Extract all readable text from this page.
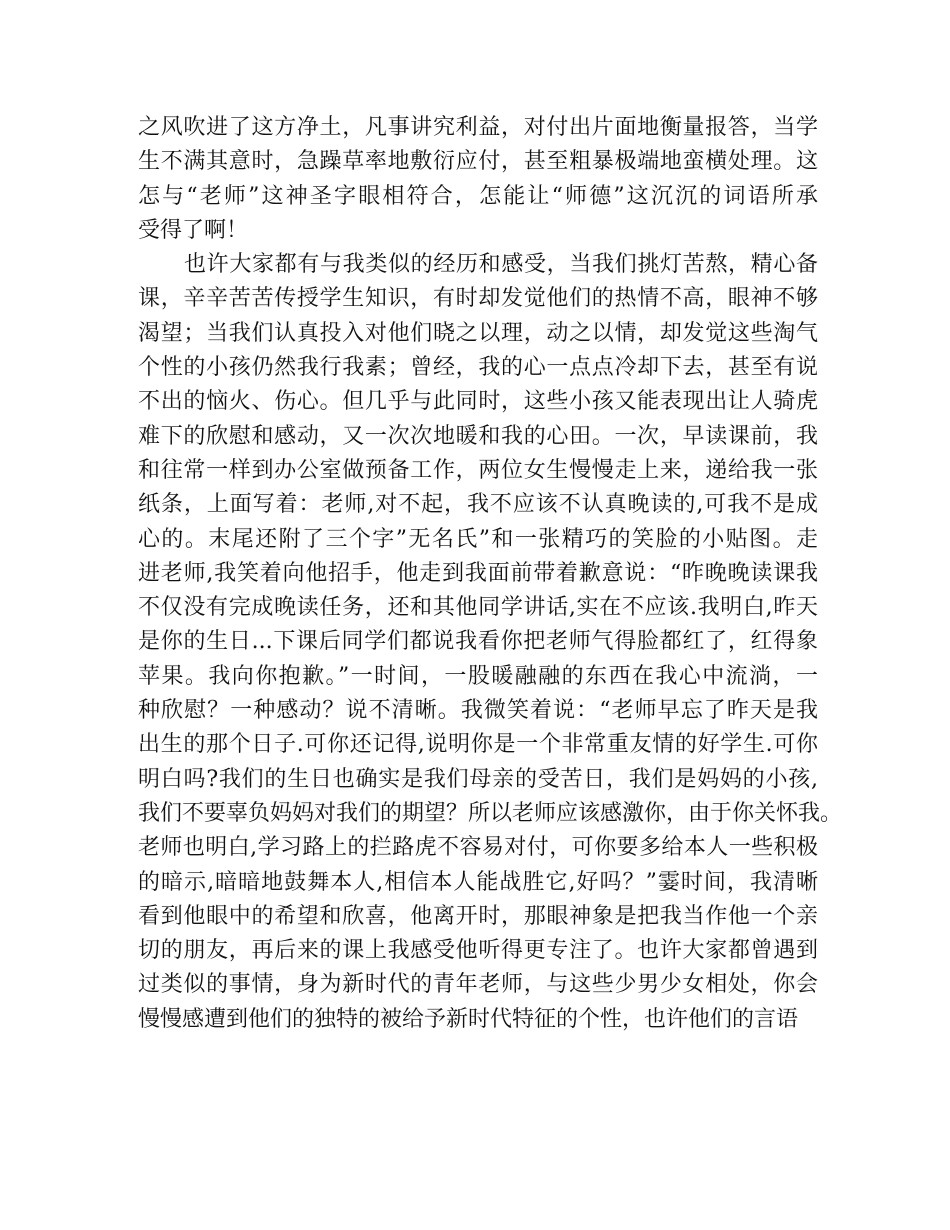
之风吹进了这方净土，凡事讲究利益，对付出片面地衡量报答，当学
生不满其意时，急躁草率地敷衍应付，甚至粗暴极端地蛮横处理。这
怎与“老师”这神圣字眼相符合，怎能让“师德”这沉沉的词语所承
受得了啊！
也许大家都有与我类似的经历和感受，当我们挑灯苦熬，精心备
课，辛辛苦苦传授学生知识，有时却发觉他们的热情不高，眼神不够
渴望；当我们认真投入对他们晓之以理，动之以情，却发觉这些淘气
个性的小孩仍然我行我素；曾经，我的心一点点冷却下去，甚至有说
不出的恼火、伤心。但几乎与此同时，这些小孩又能表现出让人骑虎
难下的欣慰和感动，又一次次地暖和我的心田。一次，早读课前，我
和往常一样到办公室做预备工作，两位女生慢慢走上来，递给我一张
纸条，上面写着：老师,对不起，我不应该不认真晚读的,可我不是成
心的。末尾还附了三个字”无名氏”和一张精巧的笑脸的小贴图。走
进老师,我笑着向他招手，他走到我面前带着歉意说：“昨晚晚读课我
不仅没有完成晚读任务，还和其他同学讲话,实在不应该.我明白,昨天
是你的生日...下课后同学们都说我看你把老师气得脸都红了，红得象
苹果。我向你抱歉。”一时间，一股暖融融的东西在我心中流淌，一
种欣慰？一种感动？说不清晰。我微笑着说：“老师早忘了昨天是我
出生的那个日子.可你还记得,说明你是一个非常重友情的好学生.可你
明白吗?我们的生日也确实是我们母亲的受苦日，我们是妈妈的小孩,
我们不要辜负妈妈对我们的期望？所以老师应该感激你，由于你关怀我。
老师也明白,学习路上的拦路虎不容易对付，可你要多给本人一些积极
的暗示,暗暗地鼓舞本人,相信本人能战胜它,好吗？”霎时间，我清晰
看到他眼中的希望和欣喜，他离开时，那眼神象是把我当作他一个亲
切的朋友，再后来的课上我感受他听得更专注了。也许大家都曾遇到
过类似的事情，身为新时代的青年老师，与这些少男少女相处，你会
慢慢感遭到他们的独特的被给予新时代特征的个性，也许他们的言语
